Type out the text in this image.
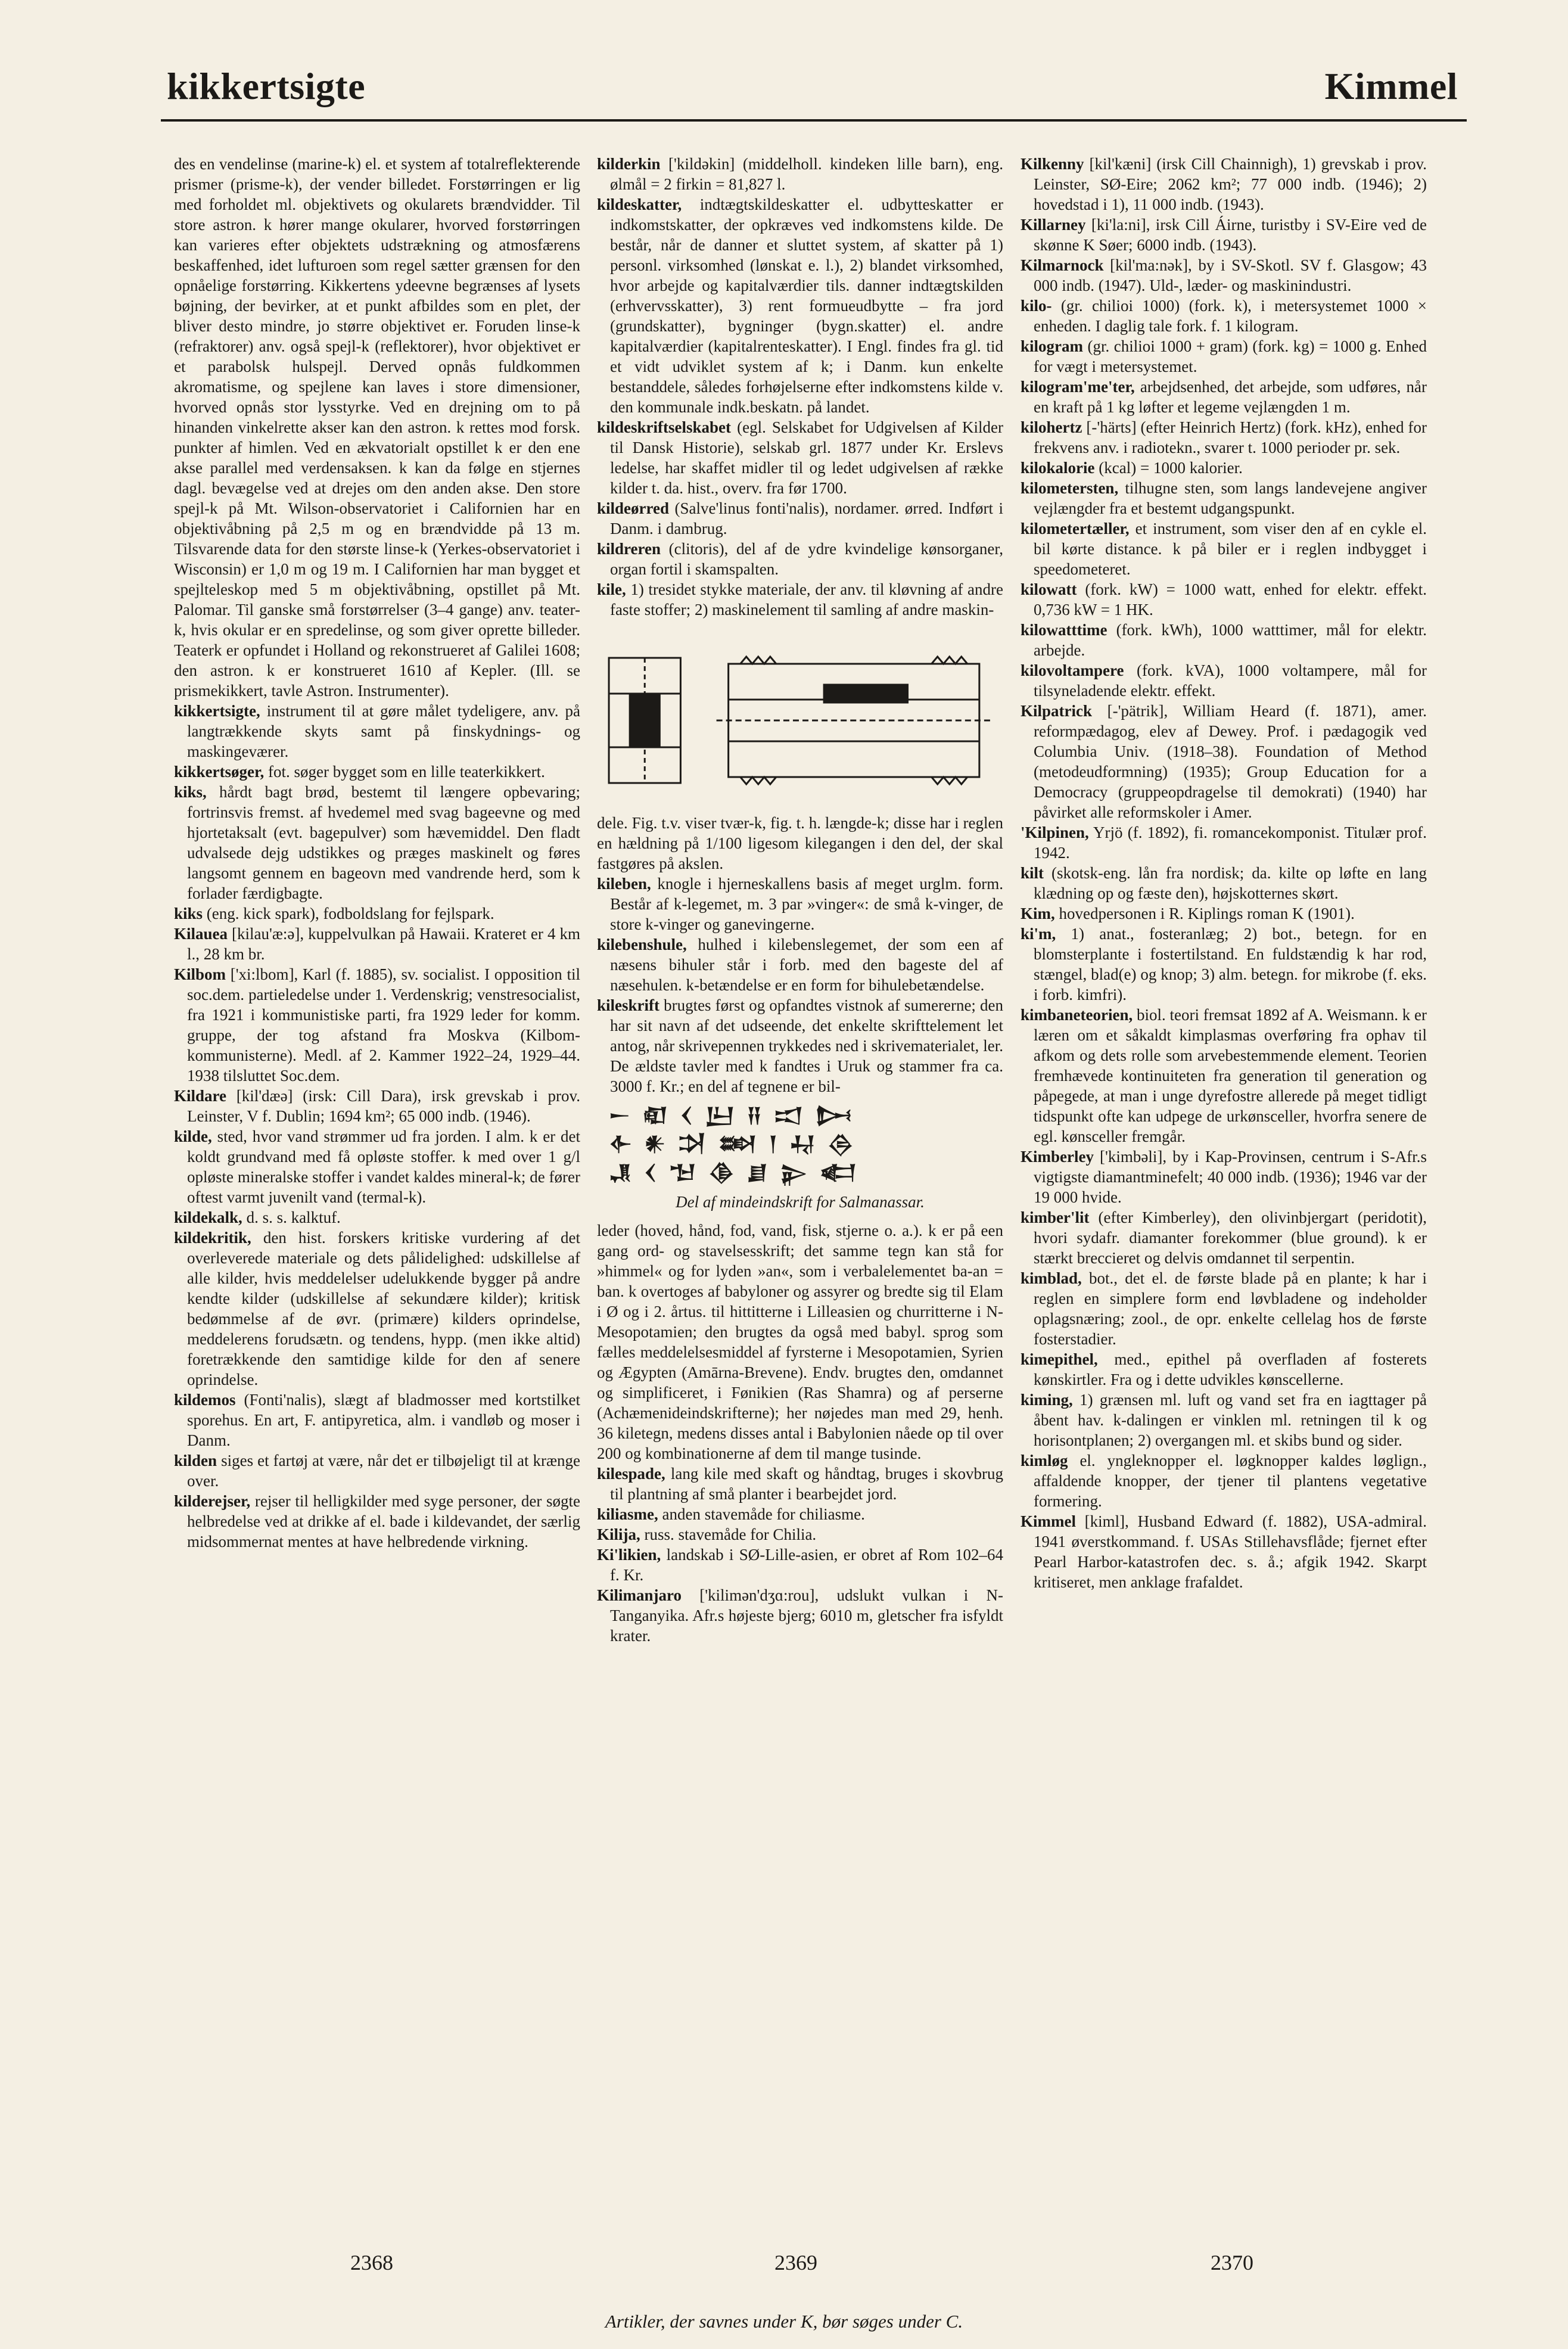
kikkertsigte	Kimmel
des en vendelinse (marine-k) el. et system af totalreflekterende prismer (prisme-k), der vender billedet. Forstørringen er lig med forholdet ml. objektivets og okularets brændvidder. Til store astron. k hører mange okularer, hvorved forstørringen kan varieres efter objektets udstrækning og atmosfærens beskaffenhed, idet lufturoen som regel sætter grænsen for den opnåelige forstørring. Kikkertens ydeevne begrænses af lysets bøjning, der bevirker, at et punkt afbildes som en plet, der bliver desto mindre, jo større objektivet er. Foruden linse-k (refraktorer) anv. også spejl-k (reflektorer), hvor objektivet er et parabolsk hulspejl. Derved opnås fuldkommen akromatisme, og spejlene kan laves i store dimensioner, hvorved opnås stor lysstyrke. Ved en drejning om to på hinanden vinkelrette akser kan den astron. k rettes mod forsk. punkter af himlen. Ved en ækvatorialt opstillet k er den ene akse parallel med verdensaksen. k kan da følge en stjernes dagl. bevægelse ved at drejes om den anden akse. Den store spejl-k på Mt. Wilson-observatoriet i Californien har en objektivåbning på 2,5 m og en brændvidde på 13 m. Tilsvarende data for den største linse-k (Yerkes-observatoriet i Wisconsin) er 1,0 m og 19 m. I Californien har man bygget et spejlteleskop med 5 m objektivåbning, opstillet på Mt. Palomar. Til ganske små forstørrelser (3–4 gange) anv. teater-k, hvis okular er en spredelinse, og som giver oprette billeder. Teaterk er opfundet i Holland og rekonstrueret af Galilei 1608; den astron. k er konstrueret 1610 af Kepler. (Ill. se prismekikkert, tavle Astron. Instrumenter).
kikkertsigte, instrument til at gøre målet tydeligere, anv. på langtrækkende skyts samt på finskydnings- og maskingeværer.
kikkertsøger, fot. søger bygget som en lille teaterkikkert.
kiks, hårdt bagt brød, bestemt til længere opbevaring; fortrinsvis fremst. af hvedemel med svag bageevne og med hjortetaksalt (evt. bagepulver) som hævemiddel. Den fladt udvalsede dejg udstikkes og præges maskinelt og føres langsomt gennem en bageovn med vandrende herd, som k forlader færdigbagte.
kiks (eng. kick spark), fodboldslang for fejlspark.
Kilauea [kilau'æ:ə], kuppelvulkan på Hawaii. Krateret er 4 km l., 28 km br.
Kilbom ['xi:lbom], Karl (f. 1885), sv. socialist. I opposition til soc.dem. partieledelse under 1. Verdenskrig; venstresocialist, fra 1921 i kommunistiske parti, fra 1929 leder for komm. gruppe, der tog afstand fra Moskva (Kilbom-kommunisterne). Medl. af 2. Kammer 1922–24, 1929–44. 1938 tilsluttet Soc.dem.
Kildare [kil'dæə] (irsk: Cill Dara), irsk grevskab i prov. Leinster, V f. Dublin; 1694 km²; 65 000 indb. (1946).
kilde, sted, hvor vand strømmer ud fra jorden. I alm. k er det koldt grundvand med få opløste stoffer. k med over 1 g/l opløste mineralske stoffer i vandet kaldes mineral-k; de fører oftest varmt juvenilt vand (termal-k).
kildekalk, d. s. s. kalktuf.
kildekritik, den hist. forskers kritiske vurdering af det overleverede materiale og dets pålidelighed: udskillelse af alle kilder, hvis meddelelser udelukkende bygger på andre kendte kilder (udskillelse af sekundære kilder); kritisk bedømmelse af de øvr. (primære) kilders oprindelse, meddelerens forudsætn. og tendens, hypp. (men ikke altid) foretrækkende den samtidige kilde for den af senere oprindelse.
kildemos (Fonti'nalis), slægt af bladmosser med kortstilket sporehus. En art, F. antipyretica, alm. i vandløb og moser i Danm.
kilden siges et fartøj at være, når det er tilbøjeligt til at krænge over.
kilderejser, rejser til helligkilder med syge personer, der søgte helbredelse ved at drikke af el. bade i kildevandet, der særlig midsommernat mentes at have helbredende virkning.
kilderkin ['kildəkin] (middelholl. kindeken lille barn), eng. ølmål = 2 firkin = 81,827 l.
kildeskatter, indtægtskildeskatter el. udbytteskatter er indkomstskatter, der opkræves ved indkomstens kilde. De består, når de danner et sluttet system, af skatter på 1) personl. virksomhed (lønskat e. l.), 2) blandet virksomhed, hvor arbejde og kapitalværdier tils. danner indtægtskilden (erhvervsskatter), 3) rent formueudbytte – fra jord (grundskatter), bygninger (bygn.skatter) el. andre kapitalværdier (kapitalrenteskatter). I Engl. findes fra gl. tid et vidt udviklet system af k; i Danm. kun enkelte bestanddele, således forhøjelserne efter indkomstens kilde v. den kommunale indk.beskatn. på landet.
kildeskriftselskabet (egl. Selskabet for Udgivelsen af Kilder til Dansk Historie), selskab grl. 1877 under Kr. Erslevs ledelse, har skaffet midler til og ledet udgivelsen af række kilder t. da. hist., overv. fra før 1700.
kildeørred (Salve'linus fonti'nalis), nordamer. ørred. Indført i Danm. i dambrug.
kildreren (clitoris), del af de ydre kvindelige kønsorganer, organ fortil i skamspalten.
kile, 1) tresidet stykke materiale, der anv. til kløvning af andre faste stoffer; 2) maskinelement til samling af andre maskin-
dele. Fig. t.v. viser tvær-k, fig. t. h. længde-k; disse har i reglen en hældning på 1/100 ligesom kilegangen i den del, der skal fastgøres på akslen.
kileben, knogle i hjerneskallens basis af meget urglm. form. Består af k-legemet, m. 3 par »vinger«: de små k-vinger, de store k-vinger og ganevingerne.
kilebenshule, hulhed i kilebenslegemet, der som een af næsens bihuler står i forb. med den bageste del af næsehulen. k-betændelse er en form for bihulebetændelse.
kileskrift brugtes først og opfandtes vistnok af sumererne; den har sit navn af det udseende, det enkelte skrifttelement let antog, når skrivepennen trykkedes ned i skrivematerialet, ler. De ældste tavler med k fandtes i Uruk og stammer fra ca. 3000 f. Kr.; en del af tegnene er bil-
𒀸 𒊏 𒌋 𒌨 𒍝 𒀊 𒄖
𒅆 𒀭 𒋫 𒇷 𒁹 𒄷 𒁲
𒂗 𒌋 𒈠 𒆠 𒋗 𒉌 𒅗
Del af mindeindskrift for Salmanassar.
leder (hoved, hånd, fod, vand, fisk, stjerne o. a.). k er på een gang ord- og stavelsesskrift; det samme tegn kan stå for »himmel« og for lyden »an«, som i verbalelementet ba-an = ban. k overtoges af babyloner og assyrer og bredte sig til Elam i Ø og i 2. årtus. til hittitterne i Lilleasien og churritterne i N-Mesopotamien; den brugtes da også med babyl. sprog som fælles meddelelsesmiddel af fyrsterne i Mesopotamien, Syrien og Ægypten (Amārna-Brevene). Endv. brugtes den, omdannet og simplificeret, i Fønikien (Ras Shamra) og af perserne (Achæmenideindskrifterne); her nøjedes man med 29, henh. 36 kiletegn, medens disses antal i Babylonien nåede op til over 200 og kombinationerne af dem til mange tusinde.
kilespade, lang kile med skaft og håndtag, bruges i skovbrug til plantning af små planter i bearbejdet jord.
kiliasme, anden stavemåde for chiliasme.
Kilija, russ. stavemåde for Chilia.
Ki'likien, landskab i SØ-Lille-asien, er obret af Rom 102–64 f. Kr.
Kilimanjaro ['kilimən'dʒɑ:rou], udslukt vulkan i N-Tanganyika. Afr.s højeste bjerg; 6010 m, gletscher fra isfyldt krater.
Kilkenny [kil'kæni] (irsk Cill Chainnigh), 1) grevskab i prov. Leinster, SØ-Eire; 2062 km²; 77 000 indb. (1946); 2) hovedstad i 1), 11 000 indb. (1943).
Killarney [ki'la:ni], irsk Cill Áirne, turistby i SV-Eire ved de skønne K Søer; 6000 indb. (1943).
Kilmarnock [kil'ma:nək], by i SV-Skotl. SV f. Glasgow; 43 000 indb. (1947). Uld-, læder- og maskinindustri.
kilo- (gr. chilioi 1000) (fork. k), i metersystemet 1000 × enheden. I daglig tale fork. f. 1 kilogram.
kilogram (gr. chilioi 1000 + gram) (fork. kg) = 1000 g. Enhed for vægt i metersystemet.
kilogram'me'ter, arbejdsenhed, det arbejde, som udføres, når en kraft på 1 kg løfter et legeme vejlængden 1 m.
kilohertz [-'härts] (efter Heinrich Hertz) (fork. kHz), enhed for frekvens anv. i radiotekn., svarer t. 1000 perioder pr. sek.
kilokalorie (kcal) = 1000 kalorier.
kilometersten, tilhugne sten, som langs landevejene angiver vejlængder fra et bestemt udgangspunkt.
kilometertæller, et instrument, som viser den af en cykle el. bil kørte distance. k på biler er i reglen indbygget i speedometeret.
kilowatt (fork. kW) = 1000 watt, enhed for elektr. effekt. 0,736 kW = 1 HK.
kilowatttime (fork. kWh), 1000 watttimer, mål for elektr. arbejde.
kilovoltampere (fork. kVA), 1000 voltampere, mål for tilsyneladende elektr. effekt.
Kilpatrick [-'pätrik], William Heard (f. 1871), amer. reformpædagog, elev af Dewey. Prof. i pædagogik ved Columbia Univ. (1918–38). Foundation of Method (metodeudformning) (1935); Group Education for a Democracy (gruppeopdragelse til demokrati) (1940) har påvirket alle reformskoler i Amer.
'Kilpinen, Yrjö (f. 1892), fi. romancekomponist. Titulær prof. 1942.
kilt (skotsk-eng. lån fra nordisk; da. kilte op løfte en lang klædning op og fæste den), højskotternes skørt.
Kim, hovedpersonen i R. Kiplings roman K (1901).
ki'm, 1) anat., fosteranlæg; 2) bot., betegn. for en blomsterplante i fostertilstand. En fuldstændig k har rod, stængel, blad(e) og knop; 3) alm. betegn. for mikrobe (f. eks. i forb. kimfri).
kimbaneteorien, biol. teori fremsat 1892 af A. Weismann. k er læren om et såkaldt kimplasmas overføring fra ophav til afkom og dets rolle som arvebestemmende element. Teorien fremhævede kontinuiteten fra generation til generation og påpegede, at man i unge dyrefostre allerede på meget tidligt tidspunkt ofte kan udpege de urkønsceller, hvorfra senere de egl. kønsceller fremgår.
Kimberley ['kimbəli], by i Kap-Provinsen, centrum i S-Afr.s vigtigste diamantminefelt; 40 000 indb. (1936); 1946 var der 19 000 hvide.
kimber'lit (efter Kimberley), den olivinbjergart (peridotit), hvori sydafr. diamanter forekommer (blue ground). k er stærkt breccieret og delvis omdannet til serpentin.
kimblad, bot., det el. de første blade på en plante; k har i reglen en simplere form end løvbladene og indeholder oplagsnæring; zool., de opr. enkelte cellelag hos de første fosterstadier.
kimepithel, med., epithel på overfladen af fosterets kønskirtler. Fra og i dette udvikles kønscellerne.
kiming, 1) grænsen ml. luft og vand set fra en iagttager på åbent hav. k-dalingen er vinklen ml. retningen til k og horisontplanen; 2) overgangen ml. et skibs bund og sider.
kimløg el. yngleknopper el. løgknopper kaldes løglign., affaldende knopper, der tjener til plantens vegetative formering.
Kimmel [kiml], Husband Edward (f. 1882), USA-admiral. 1941 øverstkommand. f. USAs Stillehavsflåde; fjernet efter Pearl Harbor-katastrofen dec. s. å.; afgik 1942. Skarpt kritiseret, men anklage frafaldet.
2368	2369	2370
Artikler, der savnes under K, bør søges under C.
